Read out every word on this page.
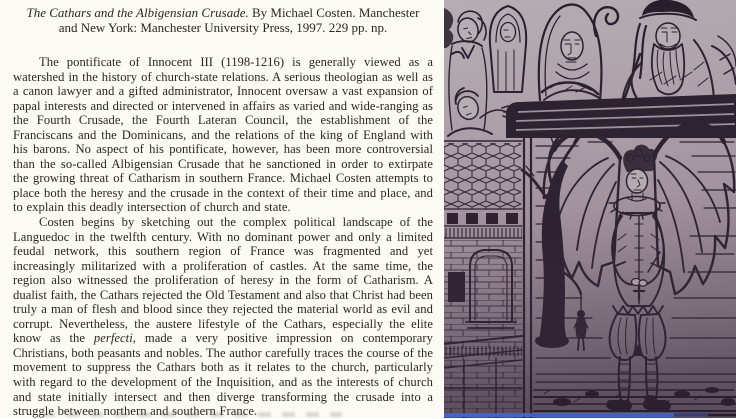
The Cathars and the Albigensian Crusade. By Michael Costen. Manchester
and New York: Manchester University Press, 1997. 229 pp. np.

The pontificate of Innocent III (1198-1216) is generally viewed as a watershed in the history of church-state relations. A serious theologian as well as a canon lawyer and a gifted administrator, Innocent oversaw a vast expansion of papal interests and directed or intervened in affairs as varied and wide-ranging as the Fourth Crusade, the Fourth Lateran Council, the establishment of the Franciscans and the Dominicans, and the relations of the king of England with his barons. No aspect of his pontificate, however, has been more controversial than the so-called Albigensian Crusade that he sanctioned in order to extirpate the growing threat of Catharism in southern France. Michael Costen attempts to place both the heresy and the crusade in the context of their time and place, and to explain this deadly intersection of church and state.

Costen begins by sketching out the complex political landscape of the Languedoc in the twelfth century. With no dominant power and only a limited feudal network, this southern region of France was fragmented and yet increasingly militarized with a proliferation of castles. At the same time, the region also witnessed the proliferation of heresy in the form of Catharism. A dualist faith, the Cathars rejected the Old Testament and also that Christ had been truly a man of flesh and blood since they rejected the material world as evil and corrupt. Nevertheless, the austere lifestyle of the Cathars, especially the elite know as the perfecti, made a very positive impression on contemporary Christians, both peasants and nobles. The author carefully traces the course of the movement to suppress the Cathars both as it relates to the church, particularly with regard to the development of the Inquisition, and as the interests of church and state initially intersect and then diverge transforming the crusade into a struggle between northern and southern France.
